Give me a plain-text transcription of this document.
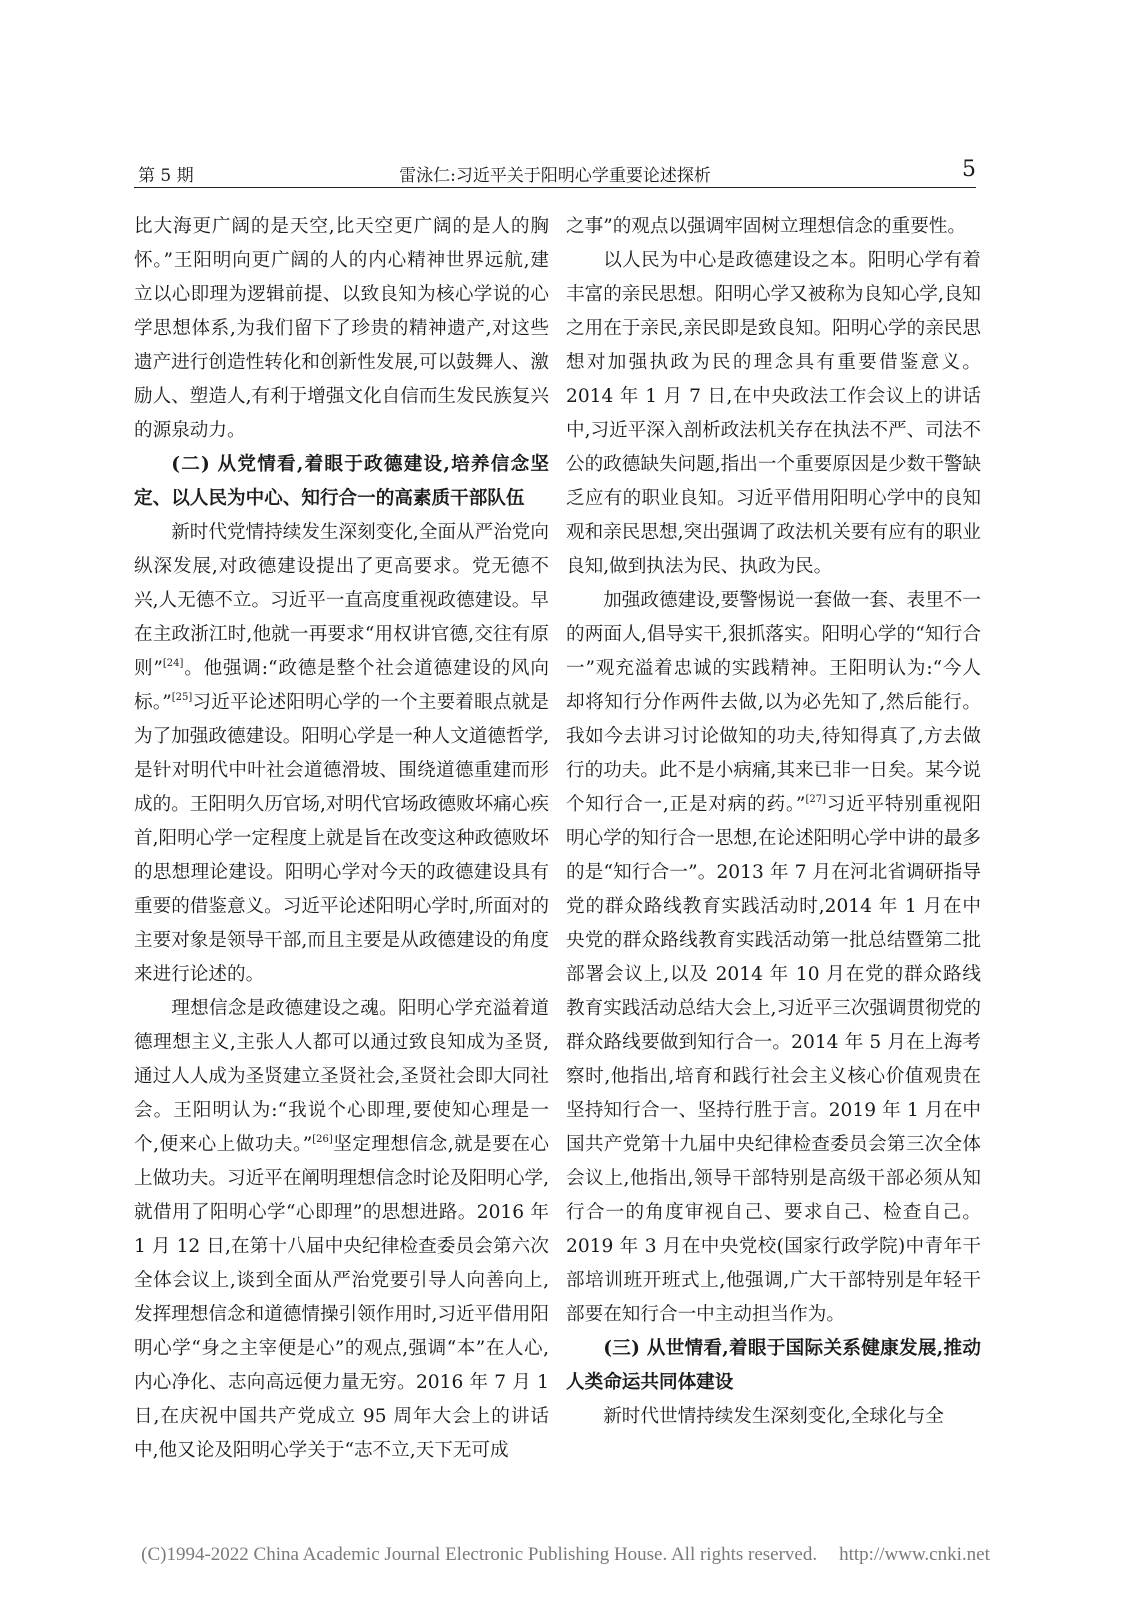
第 5 期	雷泳仁:习近平关于阳明心学重要论述探析	5

比大海更广阔的是天空,比天空更广阔的是人的胸怀。”王阳明向更广阔的人的内心精神世界远航,建立以心即理为逻辑前提、以致良知为核心学说的心学思想体系,为我们留下了珍贵的精神遗产,对这些遗产进行创造性转化和创新性发展,可以鼓舞人、激励人、塑造人,有利于增强文化自信而生发民族复兴的源泉动力。

(二) 从党情看,着眼于政德建设,培养信念坚定、以人民为中心、知行合一的高素质干部队伍

新时代党情持续发生深刻变化,全面从严治党向纵深发展,对政德建设提出了更高要求。党无德不兴,人无德不立。习近平一直高度重视政德建设。早在主政浙江时,他就一再要求“用权讲官德,交往有原则”[24]。他强调:“政德是整个社会道德建设的风向标。”[25]习近平论述阳明心学的一个主要着眼点就是为了加强政德建设。阳明心学是一种人文道德哲学,是针对明代中叶社会道德滑坡、围绕道德重建而形成的。王阳明久历官场,对明代官场政德败坏痛心疾首,阳明心学一定程度上就是旨在改变这种政德败坏的思想理论建设。阳明心学对今天的政德建设具有重要的借鉴意义。习近平论述阳明心学时,所面对的主要对象是领导干部,而且主要是从政德建设的角度来进行论述的。

理想信念是政德建设之魂。阳明心学充溢着道德理想主义,主张人人都可以通过致良知成为圣贤,通过人人成为圣贤建立圣贤社会,圣贤社会即大同社会。王阳明认为:“我说个心即理,要使知心理是一个,便来心上做功夫。”[26]坚定理想信念,就是要在心上做功夫。习近平在阐明理想信念时论及阳明心学,就借用了阳明心学“心即理”的思想进路。2016 年 1 月 12 日,在第十八届中央纪律检查委员会第六次全体会议上,谈到全面从严治党要引导人向善向上,发挥理想信念和道德情操引领作用时,习近平借用阳明心学“身之主宰便是心”的观点,强调“本”在人心,内心净化、志向高远便力量无穷。2016 年 7 月 1 日,在庆祝中国共产党成立 95 周年大会上的讲话中,他又论及阳明心学关于“志不立,天下无可成

之事”的观点以强调牢固树立理想信念的重要性。

以人民为中心是政德建设之本。阳明心学有着丰富的亲民思想。阳明心学又被称为良知心学,良知之用在于亲民,亲民即是致良知。阳明心学的亲民思想对加强执政为民的理念具有重要借鉴意义。2014 年 1 月 7 日,在中央政法工作会议上的讲话中,习近平深入剖析政法机关存在执法不严、司法不公的政德缺失问题,指出一个重要原因是少数干警缺乏应有的职业良知。习近平借用阳明心学中的良知观和亲民思想,突出强调了政法机关要有应有的职业良知,做到执法为民、执政为民。

加强政德建设,要警惕说一套做一套、表里不一的两面人,倡导实干,狠抓落实。阳明心学的“知行合一”观充溢着忠诚的实践精神。王阳明认为:“今人却将知行分作两件去做,以为必先知了,然后能行。我如今去讲习讨论做知的功夫,待知得真了,方去做行的功夫。此不是小病痛,其来已非一日矣。某今说个知行合一,正是对病的药。”[27]习近平特别重视阳明心学的知行合一思想,在论述阳明心学中讲的最多的是“知行合一”。2013 年 7 月在河北省调研指导党的群众路线教育实践活动时,2014 年 1 月在中央党的群众路线教育实践活动第一批总结暨第二批部署会议上,以及 2014 年 10 月在党的群众路线教育实践活动总结大会上,习近平三次强调贯彻党的群众路线要做到知行合一。2014 年 5 月在上海考察时,他指出,培育和践行社会主义核心价值观贵在坚持知行合一、坚持行胜于言。2019 年 1 月在中国共产党第十九届中央纪律检查委员会第三次全体会议上,他指出,领导干部特别是高级干部必须从知行合一的角度审视自己、要求自己、检查自己。2019 年 3 月在中央党校(国家行政学院)中青年干部培训班开班式上,他强调,广大干部特别是年轻干部要在知行合一中主动担当作为。

(三) 从世情看,着眼于国际关系健康发展,推动人类命运共同体建设

新时代世情持续发生深刻变化,全球化与全

(C)1994-2022 China Academic Journal Electronic Publishing House. All rights reserved. http://www.cnki.net
